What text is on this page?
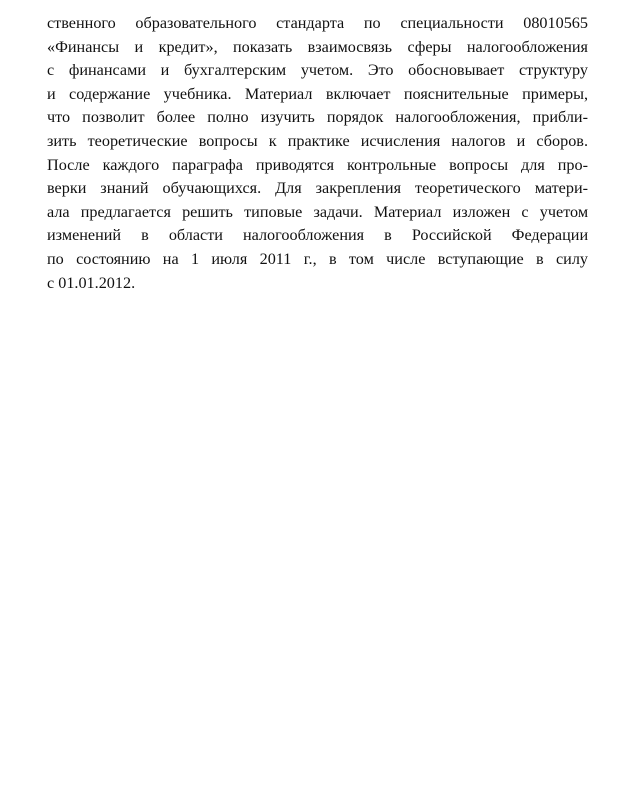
ственного образовательного стандарта по специальности 08010565
«Финансы и кредит», показать взаимосвязь сферы налогообложения
с финансами и бухгалтерским учетом. Это обосновывает структуру
и содержание учебника. Материал включает пояснительные примеры,
что позволит более полно изучить порядок налогообложения, прибли-
зить теоретические вопросы к практике исчисления налогов и сборов.
После каждого параграфа приводятся контрольные вопросы для про-
верки знаний обучающихся. Для закрепления теоретического матери-
ала предлагается решить типовые задачи. Материал изложен с учетом
изменений в области налогообложения в Российской Федерации
по состоянию на 1 июля 2011 г., в том числе вступающие в силу
с 01.01.2012.
